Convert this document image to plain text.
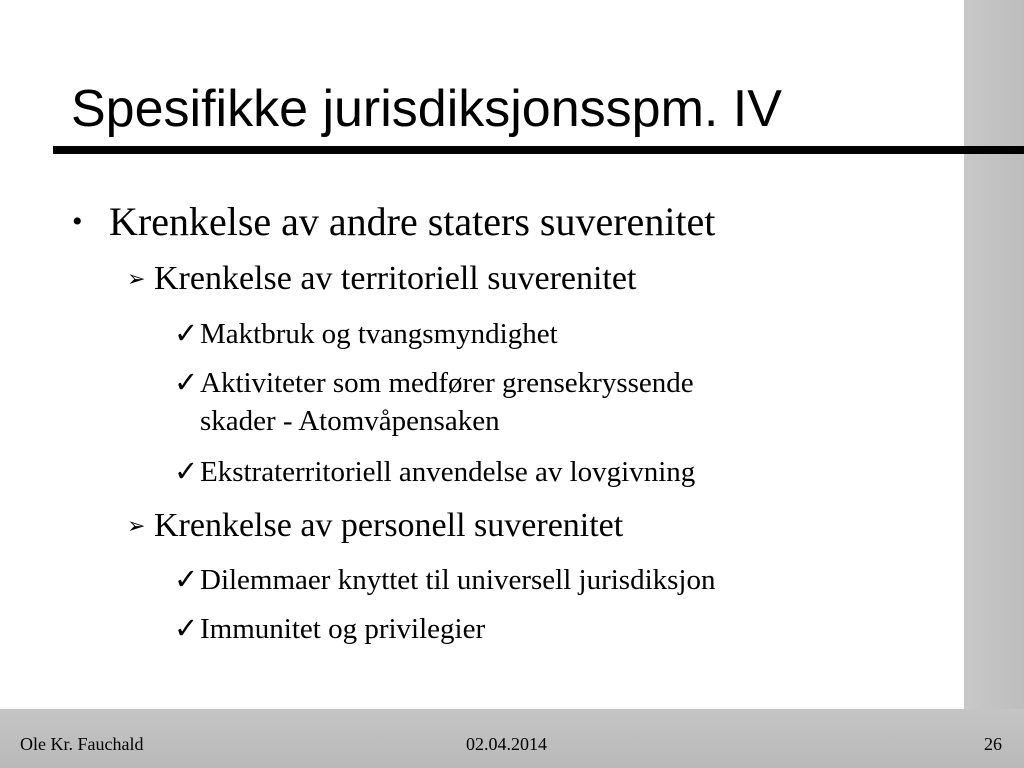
Spesifikke jurisdiksjonsspm. IV
• Krenkelse av andre staters suverenitet
➢ Krenkelse av territoriell suverenitet
✓ Maktbruk og tvangsmyndighet
✓ Aktiviteter som medfører grensekryssende
skader - Atomvåpensaken
✓ Ekstraterritoriell anvendelse av lovgivning
➢ Krenkelse av personell suverenitet
✓ Dilemmaer knyttet til universell jurisdiksjon
✓ Immunitet og privilegier
Ole Kr. Fauchald	02.04.2014	26
